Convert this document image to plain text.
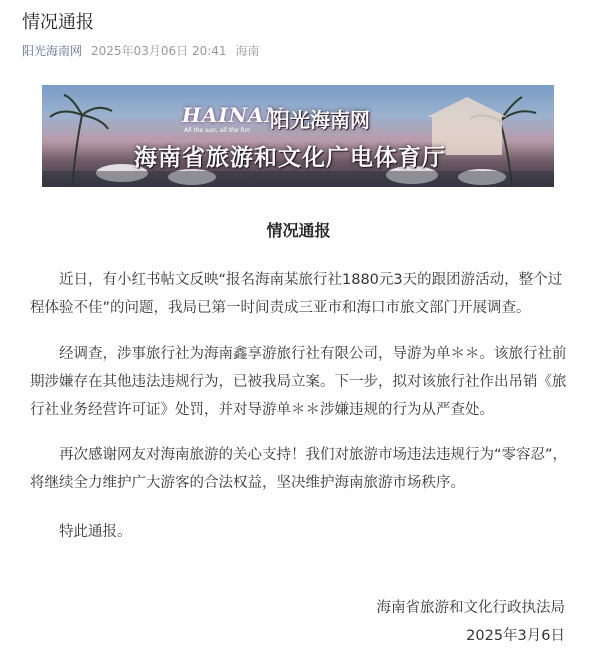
情况通报
阳光海南网 2025年03月06日 20:41 海南
HAINAN
All the sun, all the fun 阳光海南网
海南省旅游和文化广电体育厅
情况通报

近日，有小红书帖文反映“报名海南某旅行社1880元3天的跟团游活动，整个过程体验不佳”的问题，我局已第一时间责成三亚市和海口市旅文部门开展调查。

经调查，涉事旅行社为海南鑫享游旅行社有限公司，导游为单＊＊。该旅行社前期涉嫌存在其他违法违规行为，已被我局立案。下一步，拟对该旅行社作出吊销《旅行社业务经营许可证》处罚，并对导游单＊＊涉嫌违规的行为从严查处。

再次感谢网友对海南旅游的关心支持！我们对旅游市场违法违规行为“零容忍”，将继续全力维护广大游客的合法权益，坚决维护海南旅游市场秩序。

特此通报。

海南省旅游和文化行政执法局

2025年3月6日
